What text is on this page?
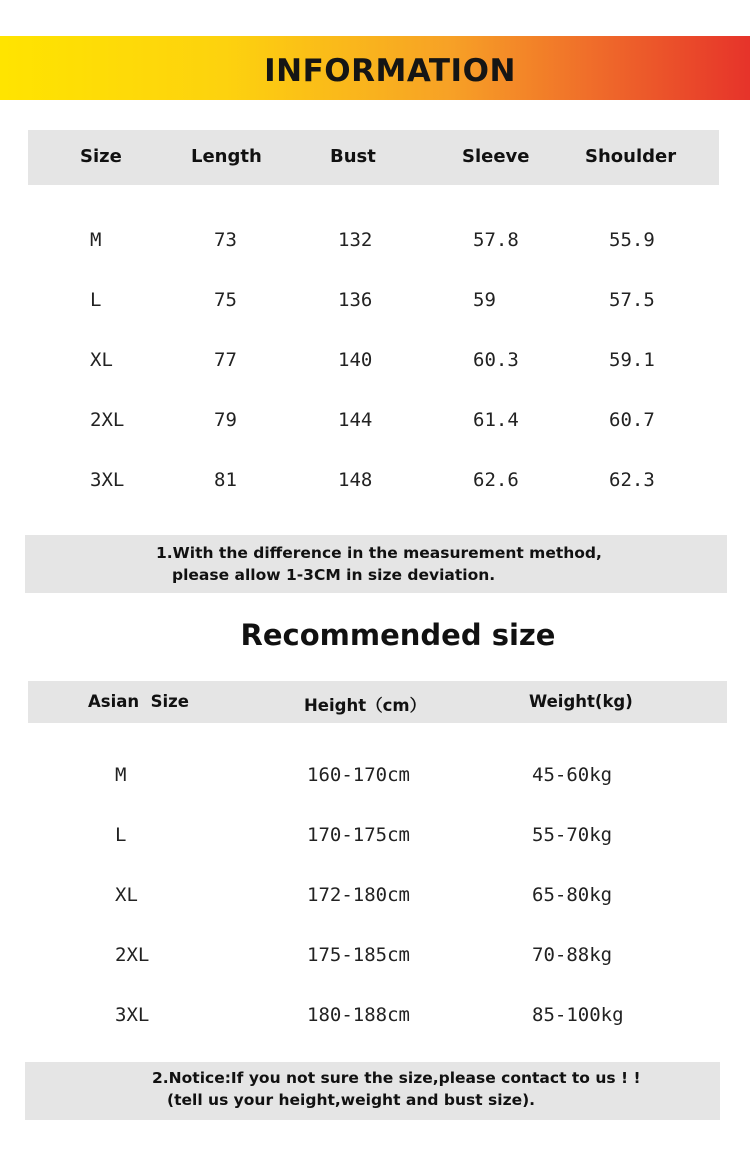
INFORMATION
Size	Length	Bust	Sleeve	Shoulder
M	73	132	57.8	55.9
L	75	136	59	57.5
XL	77	140	60.3	59.1
2XL	79	144	61.4	60.7
3XL	81	148	62.6	62.3
1.With the difference in the measurement method,
please allow 1-3CM in size deviation.
Recommended size
Asian  Size	Height（cm）	Weight(kg)
M	160-170cm	45-60kg
L	170-175cm	55-70kg
XL	172-180cm	65-80kg
2XL	175-185cm	70-88kg
3XL	180-188cm	85-100kg
2.Notice:If you not sure the size,please contact to us ! !
(tell us your height,weight and bust size).
